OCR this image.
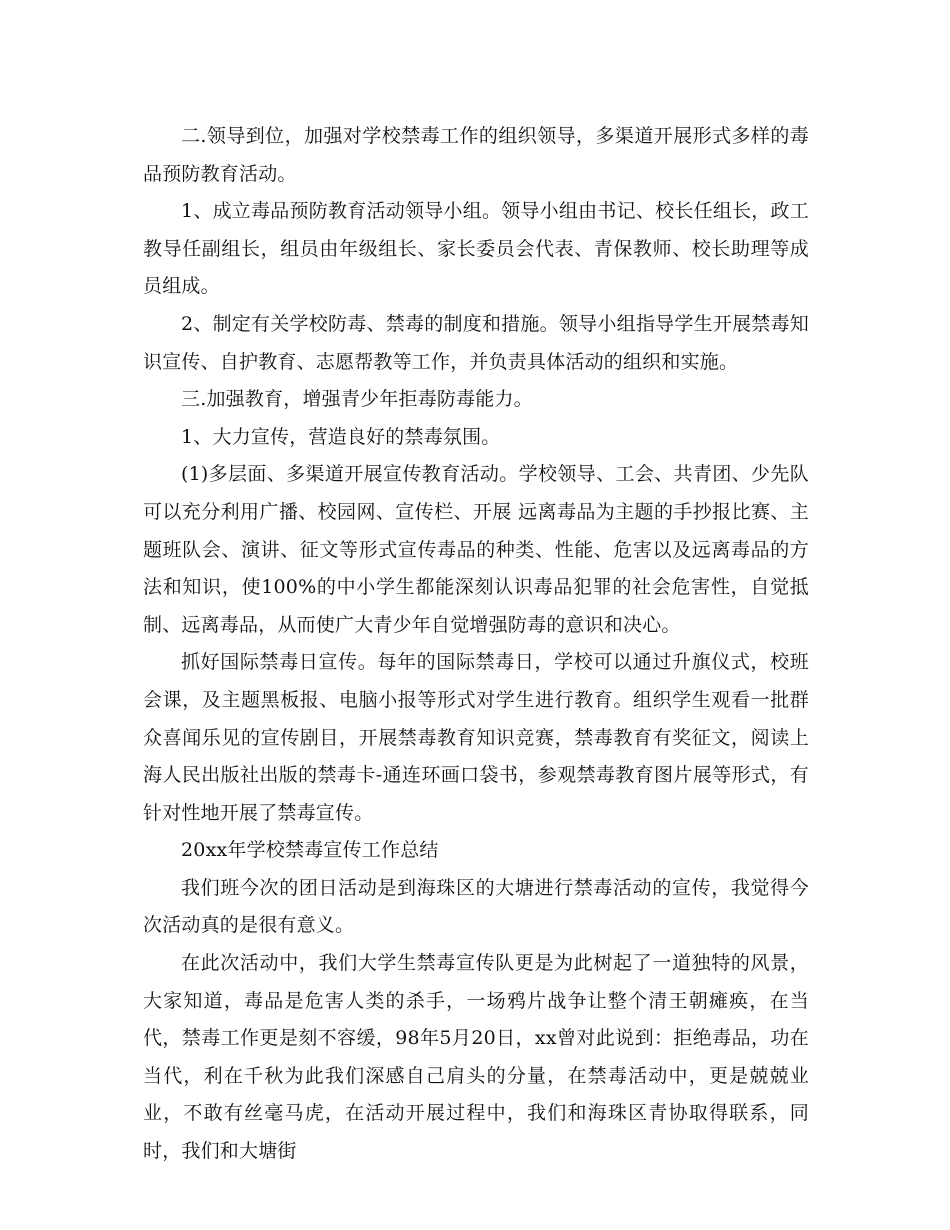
二.领导到位，加强对学校禁毒工作的组织领导，多渠道开展形式多样的毒品预防教育活动。

1、成立毒品预防教育活动领导小组。领导小组由书记、校长任组长，政工教导任副组长，组员由年级组长、家长委员会代表、青保教师、校长助理等成员组成。

2、制定有关学校防毒、禁毒的制度和措施。领导小组指导学生开展禁毒知识宣传、自护教育、志愿帮教等工作，并负责具体活动的组织和实施。

三.加强教育，增强青少年拒毒防毒能力。

1、大力宣传，营造良好的禁毒氛围。

(1)多层面、多渠道开展宣传教育活动。学校领导、工会、共青团、少先队可以充分利用广播、校园网、宣传栏、开展 远离毒品为主题的手抄报比赛、主题班队会、演讲、征文等形式宣传毒品的种类、性能、危害以及远离毒品的方法和知识，使100%的中小学生都能深刻认识毒品犯罪的社会危害性，自觉抵制、远离毒品，从而使广大青少年自觉增强防毒的意识和决心。

抓好国际禁毒日宣传。每年的国际禁毒日，学校可以通过升旗仪式，校班会课，及主题黑板报、电脑小报等形式对学生进行教育。组织学生观看一批群众喜闻乐见的宣传剧目，开展禁毒教育知识竞赛，禁毒教育有奖征文，阅读上海人民出版社出版的禁毒卡-通连环画口袋书，参观禁毒教育图片展等形式，有针对性地开展了禁毒宣传。

20xx年学校禁毒宣传工作总结

我们班今次的团日活动是到海珠区的大塘进行禁毒活动的宣传，我觉得今次活动真的是很有意义。

在此次活动中，我们大学生禁毒宣传队更是为此树起了一道独特的风景，大家知道，毒品是危害人类的杀手，一场鸦片战争让整个清王朝瘫痪，在当代，禁毒工作更是刻不容缓，98年5月20日，xx曾对此说到：拒绝毒品，功在当代，利在千秋为此我们深感自己肩头的分量，在禁毒活动中，更是兢兢业业，不敢有丝毫马虎，在活动开展过程中，我们和海珠区青协取得联系，同时，我们和大塘街
